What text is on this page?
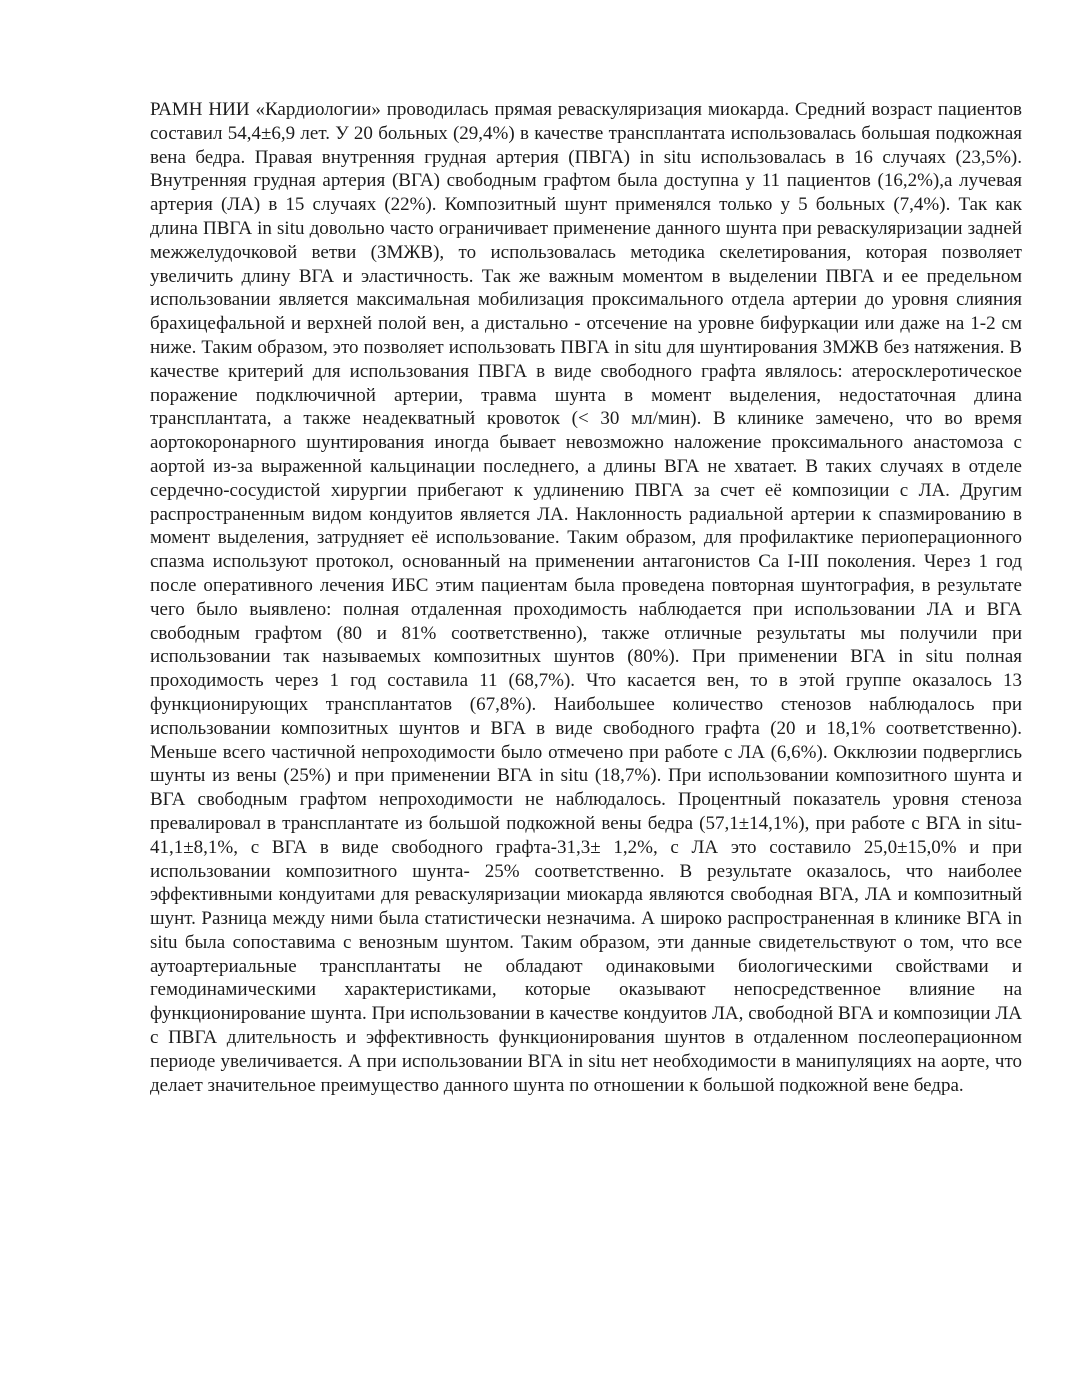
РАМН НИИ «Кардиологии» проводилась прямая реваскуляризация миокарда. Средний возраст пациентов составил 54,4±6,9 лет. У 20 больных (29,4%) в качестве трансплантата использовалась большая подкожная вена бедра. Правая внутренняя грудная артерия (ПВГА) in situ использовалась в 16 случаях (23,5%). Внутренняя грудная артерия (ВГА) свободным графтом была доступна у 11 пациентов (16,2%),а лучевая артерия (ЛА) в 15 случаях (22%). Композитный шунт применялся только у 5 больных (7,4%). Так как длина ПВГА in situ довольно часто ограничивает применение данного шунта при реваскуляризации задней межжелудочковой ветви (ЗМЖВ), то использовалась методика скелетирования, которая позволяет увеличить длину ВГА и эластичность. Так же важным моментом в выделении ПВГА и ее предельном использовании является максимальная мобилизация проксимального отдела артерии до уровня слияния брахицефальной и верхней полой вен, а дистально - отсечение на уровне бифуркации или даже на 1-2 см ниже. Таким образом, это позволяет использовать ПВГА in situ для шунтирования ЗМЖВ без натяжения. В качестве критерий для использования ПВГА в виде свободного графта являлось: атеросклеротическое поражение подключичной артерии, травма шунта в момент выделения, недостаточная длина трансплантата, а также неадекватный кровоток (< 30 мл/мин). В клинике замечено, что во время аортокоронарного шунтирования иногда бывает невозможно наложение проксимального анастомоза с аортой из-за выраженной кальцинации последнего, а длины ВГА не хватает. В таких случаях в отделе сердечно-сосудистой хирургии прибегают к удлинению ПВГА за счет её композиции с ЛА. Другим распространенным видом кондуитов является ЛА. Наклонность радиальной артерии к спазмированию в момент выделения, затрудняет её использование. Таким образом, для профилактике периоперационного спазма используют протокол, основанный на применении антагонистов Са I-III поколения. Через 1 год после оперативного лечения ИБС этим пациентам была проведена повторная шунтография, в результате чего было выявлено: полная отдаленная проходимость наблюдается при использовании ЛА и ВГА свободным графтом (80 и 81% соответственно), также отличные результаты мы получили при использовании так называемых композитных шунтов (80%). При применении ВГА in situ полная проходимость через 1 год составила 11 (68,7%). Что касается вен, то в этой группе оказалось 13 функционирующих трансплантатов (67,8%). Наибольшее количество стенозов наблюдалось при использовании композитных шунтов и ВГА в виде свободного графта (20 и 18,1% соответственно). Меньше всего частичной непроходимости было отмечено при работе с ЛА (6,6%). Окклюзии подверглись шунты из вены (25%) и при применении ВГА in situ (18,7%). При использовании композитного шунта и ВГА свободным графтом непроходимости не наблюдалось. Процентный показатель уровня стеноза превалировал в трансплантате из большой подкожной вены бедра (57,1±14,1%), при работе с ВГА in situ- 41,1±8,1%, с ВГА в виде свободного графта-31,3± 1,2%, с ЛА это составило 25,0±15,0% и при использовании композитного шунта- 25% соответственно. В результате оказалось, что наиболее эффективными кондуитами для реваскуляризации миокарда являются свободная ВГА, ЛА и композитный шунт. Разница между ними была статистически незначима. А широко распространенная в клинике ВГА in situ была сопоставима с венозным шунтом. Таким образом, эти данные свидетельствуют о том, что все аутоартериальные трансплантаты не обладают одинаковыми биологическими свойствами и гемодинамическими характеристиками, которые оказывают непосредственное влияние на функционирование шунта. При использовании в качестве кондуитов ЛА, свободной ВГА и композиции ЛА с ПВГА длительность и эффективность функционирования шунтов в отдаленном послеоперационном периоде увеличивается. А при использовании ВГА in situ нет необходимости в манипуляциях на аорте, что делает значительное преимущество данного шунта по отношении к большой подкожной вене бедра.
